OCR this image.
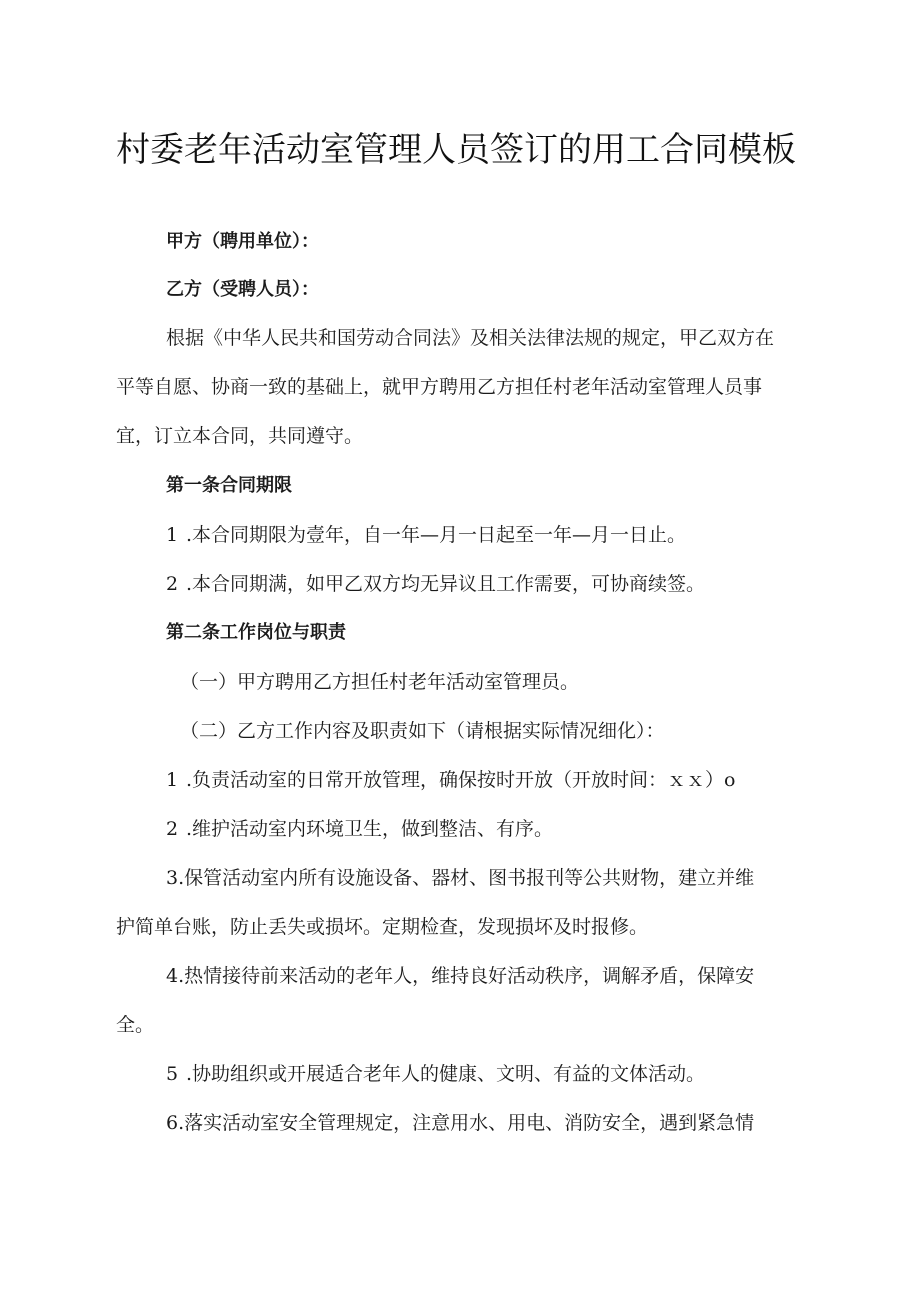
村委老年活动室管理人员签订的用工合同模板
甲方（聘用单位）：
乙方（受聘人员）：
根据《中华人民共和国劳动合同法》及相关法律法规的规定，甲乙双方在
平等自愿、协商一致的基础上，就甲方聘用乙方担任村老年活动室管理人员事
宜，订立本合同，共同遵守。
第一条合同期限
1 .本合同期限为壹年，自一年—月一日起至一年—月一日止。
2 .本合同期满，如甲乙双方均无异议且工作需要，可协商续签。
第二条工作岗位与职责
（一）甲方聘用乙方担任村老年活动室管理员。
（二）乙方工作内容及职责如下（请根据实际情况细化）：
1 .负责活动室的日常开放管理，确保按时开放（开放时间：ｘｘ）o
2 .维护活动室内环境卫生，做到整洁、有序。
3.保管活动室内所有设施设备、器材、图书报刊等公共财物，建立并维
护简单台账，防止丢失或损坏。定期检查，发现损坏及时报修。
4.热情接待前来活动的老年人，维持良好活动秩序，调解矛盾，保障安
全。
5 .协助组织或开展适合老年人的健康、文明、有益的文体活动。
6.落实活动室安全管理规定，注意用水、用电、消防安全，遇到紧急情
